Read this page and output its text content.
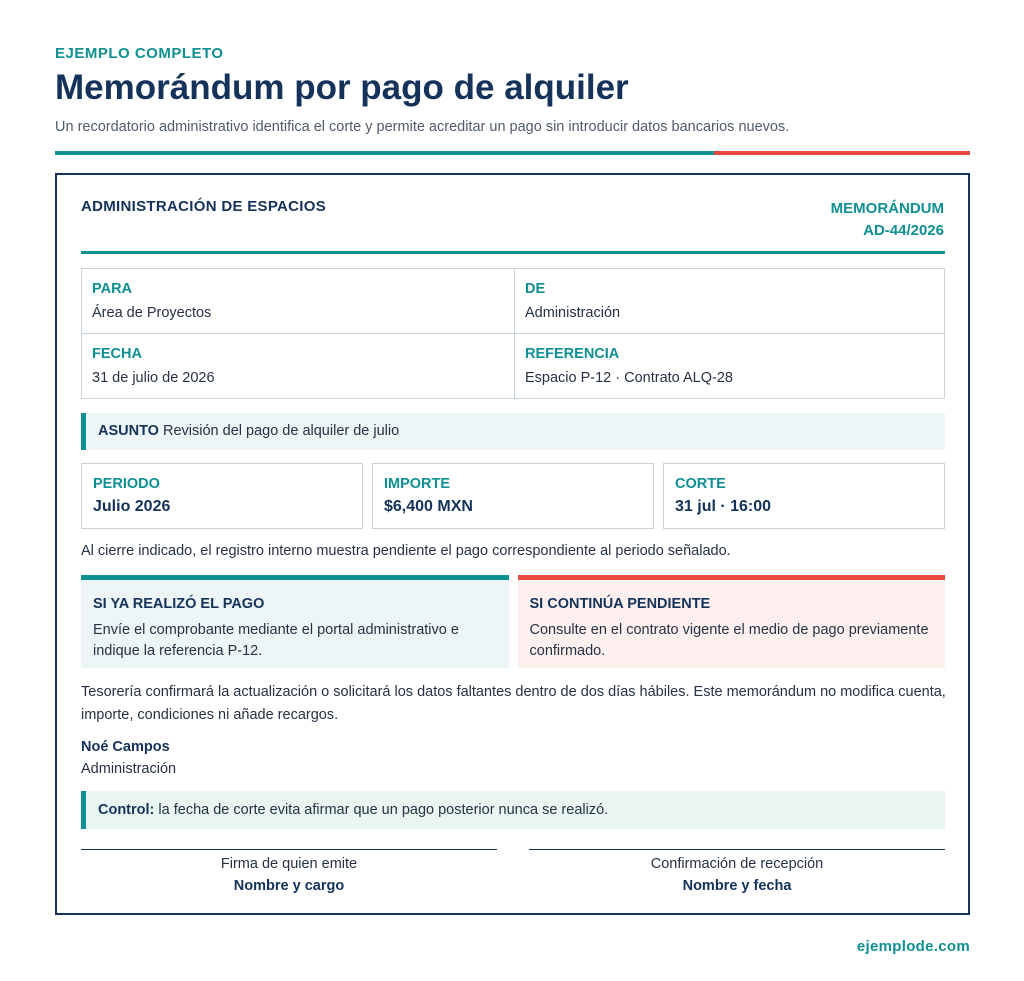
EJEMPLO COMPLETO
Memorándum por pago de alquiler
Un recordatorio administrativo identifica el corte y permite acreditar un pago sin introducir datos bancarios nuevos.
ADMINISTRACIÓN DE ESPACIOS	MEMORÁNDUM
AD-44/2026
PARA
Área de Proyectos
DE
Administración
FECHA
31 de julio de 2026
REFERENCIA
Espacio P-12 · Contrato ALQ-28
ASUNTO Revisión del pago de alquiler de julio
PERIODO
Julio 2026
IMPORTE
$6,400 MXN
CORTE
31 jul · 16:00
Al cierre indicado, el registro interno muestra pendiente el pago correspondiente al periodo señalado.
SI YA REALIZÓ EL PAGO
Envíe el comprobante mediante el portal administrativo e indique la referencia P-12.
SI CONTINÚA PENDIENTE
Consulte en el contrato vigente el medio de pago previamente confirmado.
Tesorería confirmará la actualización o solicitará los datos faltantes dentro de dos días hábiles. Este memorándum no modifica cuenta, importe, condiciones ni añade recargos.
Noé Campos
Administración
Control: la fecha de corte evita afirmar que un pago posterior nunca se realizó.
Firma de quien emite
Nombre y cargo
Confirmación de recepción
Nombre y fecha
ejemplode.com
